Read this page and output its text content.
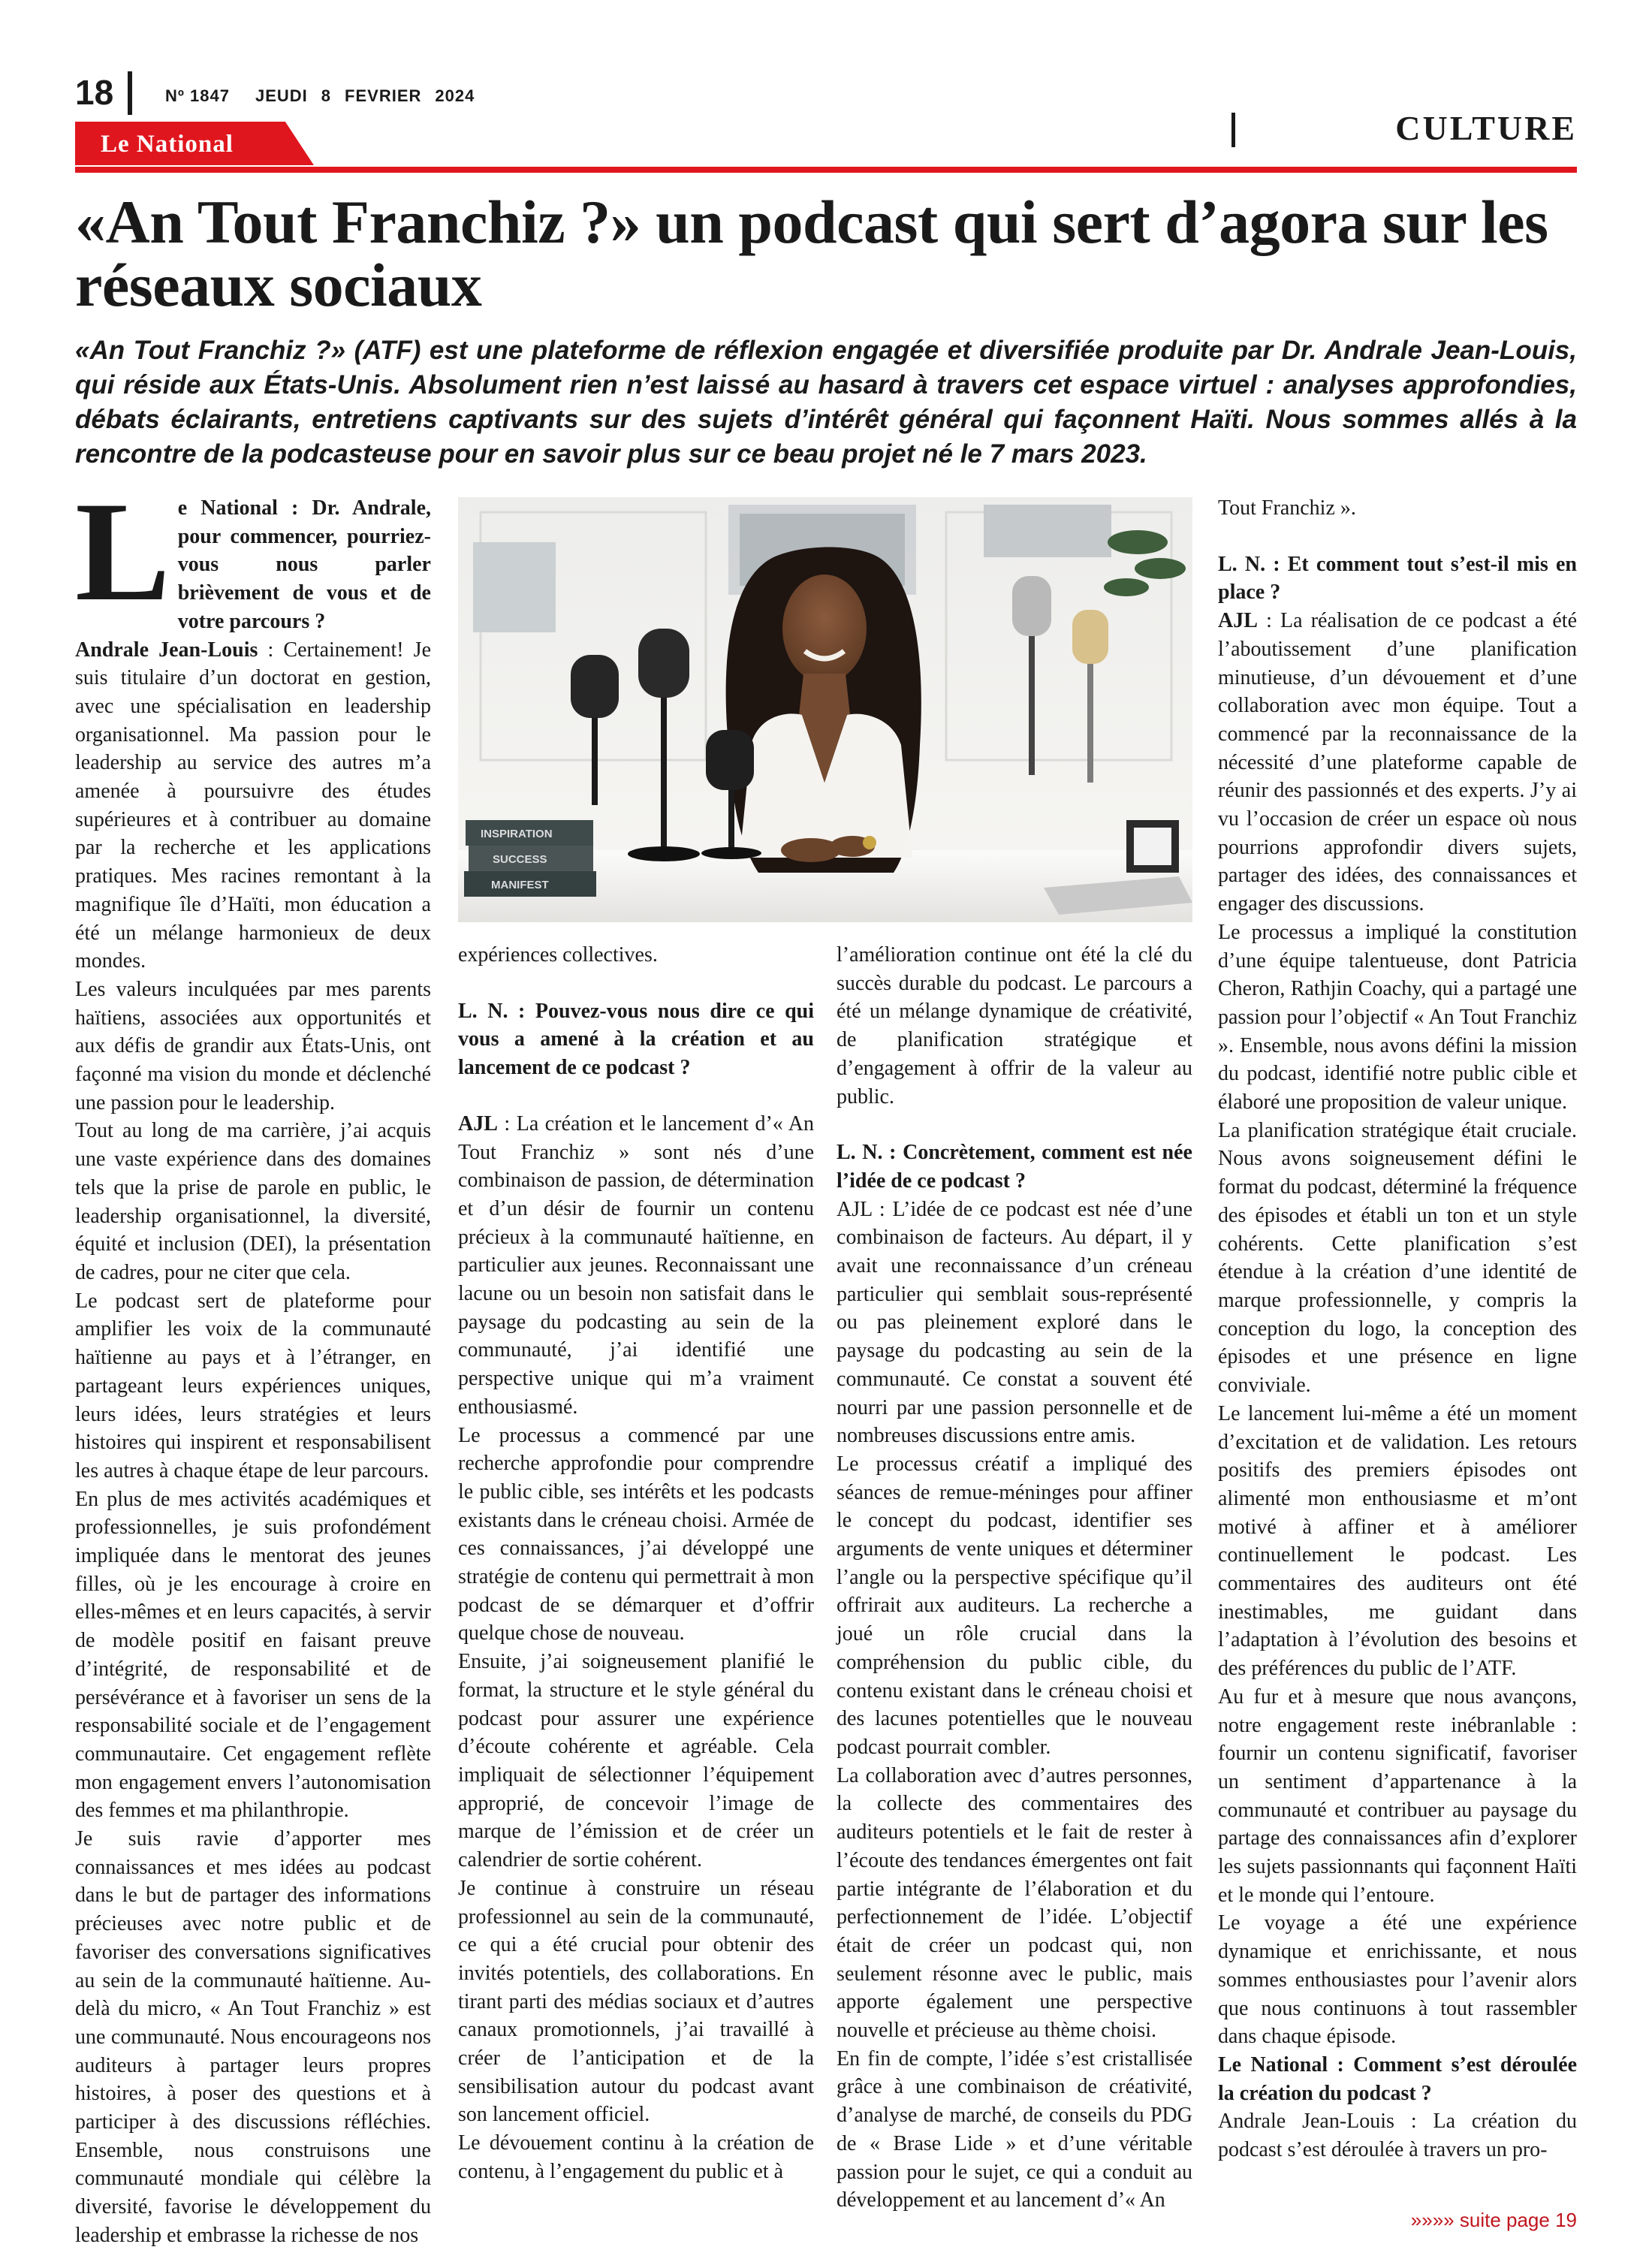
18	Nº 1847 JEUDI 8 FEVRIER 2024
Le National	CULTURE
«An Tout Franchiz ?» un podcast qui sert d’agora sur les réseaux sociaux
«An Tout Franchiz ?» (ATF) est une plateforme de réflexion engagée et diversifiée produite par Dr. Andrale Jean-Louis, qui réside aux États-Unis. Absolument rien n’est laissé au hasard à travers cet espace virtuel : analyses approfondies, débats éclairants, entretiens captivants sur des sujets d’intérêt général qui façonnent Haïti. Nous sommes allés à la rencontre de la podcasteuse pour en savoir plus sur ce beau projet né le 7 mars 2023.
L e National : Dr. Andrale, pour commencer, pourriez-vous nous parler brièvement de vous et de votre parcours ?

Andrale Jean-Louis : Certainement! Je suis titulaire d’un doctorat en gestion, avec une spécialisation en leadership organisationnel. Ma passion pour le leadership au service des autres m’a amenée à poursuivre des études supérieures et à contribuer au domaine par la recherche et les applications pratiques. Mes racines remontant à la magnifique île d’Haïti, mon éducation a été un mélange harmonieux de deux mondes.

Les valeurs inculquées par mes parents haïtiens, associées aux opportunités et aux défis de grandir aux États-Unis, ont façonné ma vision du monde et déclenché une passion pour le leadership.

Tout au long de ma carrière, j’ai acquis une vaste expérience dans des domaines tels que la prise de parole en public, le leadership organisationnel, la diversité, équité et inclusion (DEI), la présentation de cadres, pour ne citer que cela.

Le podcast sert de plateforme pour amplifier les voix de la communauté haïtienne au pays et à l’étranger, en partageant leurs expériences uniques, leurs idées, leurs stratégies et leurs histoires qui inspirent et responsabilisent les autres à chaque étape de leur parcours.

En plus de mes activités académiques et professionnelles, je suis profondément impliquée dans le mentorat des jeunes filles, où je les encourage à croire en elles-mêmes et en leurs capacités, à servir de modèle positif en faisant preuve d’intégrité, de responsabilité et de persévérance et à favoriser un sens de la responsabilité sociale et de l’engagement communautaire. Cet engagement reflète mon engagement envers l’autonomisation des femmes et ma philanthropie.

Je suis ravie d’apporter mes connaissances et mes idées au podcast dans le but de partager des informations précieuses avec notre public et de favoriser des conversations significatives au sein de la communauté haïtienne. Au-delà du micro, « An Tout Franchiz » est une communauté. Nous encourageons nos auditeurs à partager leurs propres histoires, à poser des questions et à participer à des discussions réfléchies. Ensemble, nous construisons une communauté mondiale qui célèbre la diversité, favorise le développement du leadership et embrasse la richesse de nos

INSPIRATION
SUCCESS
MANIFEST

expériences collectives.

L. N. : Pouvez-vous nous dire ce qui vous a amené à la création et au lancement de ce podcast ?

AJL : La création et le lancement d’« An Tout Franchiz » sont nés d’une combinaison de passion, de détermination et d’un désir de fournir un contenu précieux à la communauté haïtienne, en particulier aux jeunes. Reconnaissant une lacune ou un besoin non satisfait dans le paysage du podcasting au sein de la communauté, j’ai identifié une perspective unique qui m’a vraiment enthousiasmé.

Le processus a commencé par une recherche approfondie pour comprendre le public cible, ses intérêts et les podcasts existants dans le créneau choisi. Armée de ces connaissances, j’ai développé une stratégie de contenu qui permettrait à mon podcast de se démarquer et d’offrir quelque chose de nouveau.

Ensuite, j’ai soigneusement planifié le format, la structure et le style général du podcast pour assurer une expérience d’écoute cohérente et agréable. Cela impliquait de sélectionner l’équipement approprié, de concevoir l’image de marque de l’émission et de créer un calendrier de sortie cohérent.

Je continue à construire un réseau professionnel au sein de la communauté, ce qui a été crucial pour obtenir des invités potentiels, des collaborations. En tirant parti des médias sociaux et d’autres canaux promotionnels, j’ai travaillé à créer de l’anticipation et de la sensibilisation autour du podcast avant son lancement officiel.

Le dévouement continu à la création de contenu, à l’engagement du public et à

l’amélioration continue ont été la clé du succès durable du podcast. Le parcours a été un mélange dynamique de créativité, de planification stratégique et d’engagement à offrir de la valeur au public.

L. N. : Concrètement, comment est née l’idée de ce podcast ?

AJL : L’idée de ce podcast est née d’une combinaison de facteurs. Au départ, il y avait une reconnaissance d’un créneau particulier qui semblait sous-représenté ou pas pleinement exploré dans le paysage du podcasting au sein de la communauté. Ce constat a souvent été nourri par une passion personnelle et de nombreuses discussions entre amis.

Le processus créatif a impliqué des séances de remue-méninges pour affiner le concept du podcast, identifier ses arguments de vente uniques et déterminer l’angle ou la perspective spécifique qu’il offrirait aux auditeurs. La recherche a joué un rôle crucial dans la compréhension du public cible, du contenu existant dans le créneau choisi et des lacunes potentielles que le nouveau podcast pourrait combler.

La collaboration avec d’autres personnes, la collecte des commentaires des auditeurs potentiels et le fait de rester à l’écoute des tendances émergentes ont fait partie intégrante de l’élaboration et du perfectionnement de l’idée. L’objectif était de créer un podcast qui, non seulement résonne avec le public, mais apporte également une perspective nouvelle et précieuse au thème choisi.

En fin de compte, l’idée s’est cristallisée grâce à une combinaison de créativité, d’analyse de marché, de conseils du PDG de « Brase Lide » et d’une véritable passion pour le sujet, ce qui a conduit au développement et au lancement d’« An

Tout Franchiz ».

L. N. : Et comment tout s’est-il mis en place ?

AJL : La réalisation de ce podcast a été l’aboutissement d’une planification minutieuse, d’un dévouement et d’une collaboration avec mon équipe. Tout a commencé par la reconnaissance de la nécessité d’une plateforme capable de réunir des passionnés et des experts. J’y ai vu l’occasion de créer un espace où nous pourrions approfondir divers sujets, partager des idées, des connaissances et engager des discussions.

Le processus a impliqué la constitution d’une équipe talentueuse, dont Patricia Cheron, Rathjin Coachy, qui a partagé une passion pour l’objectif « An Tout Franchiz ». Ensemble, nous avons défini la mission du podcast, identifié notre public cible et élaboré une proposition de valeur unique.

La planification stratégique était cruciale. Nous avons soigneusement défini le format du podcast, déterminé la fréquence des épisodes et établi un ton et un style cohérents. Cette planification s’est étendue à la création d’une identité de marque professionnelle, y compris la conception du logo, la conception des épisodes et une présence en ligne conviviale.

Le lancement lui-même a été un moment d’excitation et de validation. Les retours positifs des premiers épisodes ont alimenté mon enthousiasme et m’ont motivé à affiner et à améliorer continuellement le podcast. Les commentaires des auditeurs ont été inestimables, me guidant dans l’adaptation à l’évolution des besoins et des préférences du public de l’ATF.

Au fur et à mesure que nous avançons, notre engagement reste inébranlable : fournir un contenu significatif, favoriser un sentiment d’appartenance à la communauté et contribuer au paysage du partage des connaissances afin d’explorer les sujets passionnants qui façonnent Haïti et le monde qui l’entoure.

Le voyage a été une expérience dynamique et enrichissante, et nous sommes enthousiastes pour l’avenir alors que nous continuons à tout rassembler dans chaque épisode.

Le National : Comment s’est déroulée la création du podcast ?

Andrale Jean-Louis : La création du podcast s’est déroulée à travers un pro-

»»»» suite page 19
